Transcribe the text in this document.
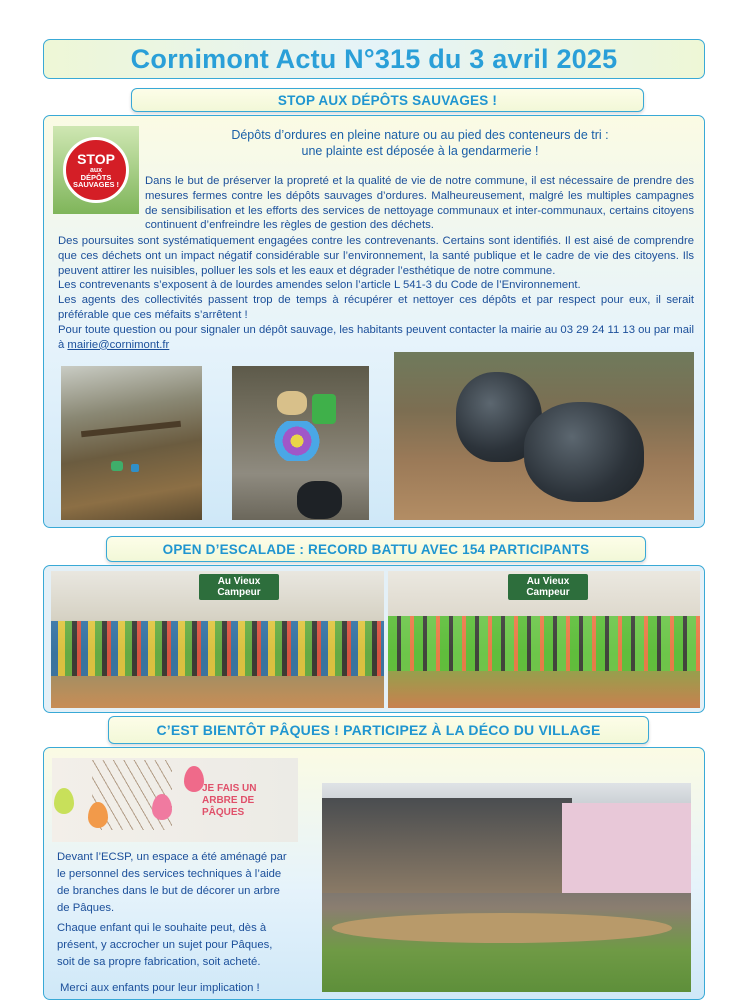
Cornimont Actu N°315 du 3 avril 2025
STOP AUX DÉPÔTS SAUVAGES !
STOP
aux
DÉPÔTS
SAUVAGES !
Dépôts d’ordures en pleine nature ou au pied des conteneurs de tri :
une plainte est déposée à la gendarmerie !

Dans le but de préserver la propreté et la qualité de vie de notre commune, il est nécessaire de prendre des mesures fermes contre les dépôts sauvages d’ordures. Malheureusement, malgré les multiples campagnes de sensibilisation et les efforts des services de nettoyage communaux et inter-communaux, certains citoyens continuent d’enfreindre les règles de gestion des déchets.

Des poursuites sont systématiquement engagées contre les contrevenants. Certains sont identifiés. Il est aisé de comprendre que ces déchets ont un impact négatif considérable sur l’environnement, la santé publique et le cadre de vie des citoyens. Ils peuvent attirer les nuisibles, polluer les sols et les eaux et dégrader l’esthétique de notre commune.
Les contrevenants s’exposent à de lourdes amendes selon l’article L 541-3 du Code de l’Environnement.
Les agents des collectivités passent trop de temps à récupérer et nettoyer ces dépôts et par respect pour eux, il serait préférable que ces méfaits s’arrêtent !
Pour toute question ou pour signaler un dépôt sauvage, les habitants peuvent contacter la mairie au 03 29 24 11 13 ou par mail à mairie@cornimont.fr
OPEN D’ESCALADE : RECORD BATTU AVEC 154 PARTICIPANTS
Au Vieux
Campeur
Au Vieux
Campeur
C’EST BIENTÔT PÂQUES ! PARTICIPEZ À LA DÉCO DU VILLAGE
JE FAIS UN ARBRE DE PÂQUES

Devant l’ECSP, un espace a été aménagé par le personnel des services techniques à l’aide de branches dans le but de décorer un arbre de Pâques.

Chaque enfant qui le souhaite peut, dès à présent, y accrocher un sujet pour Pâques, soit de sa propre fabrication, soit acheté.

Merci aux enfants pour leur implication !
